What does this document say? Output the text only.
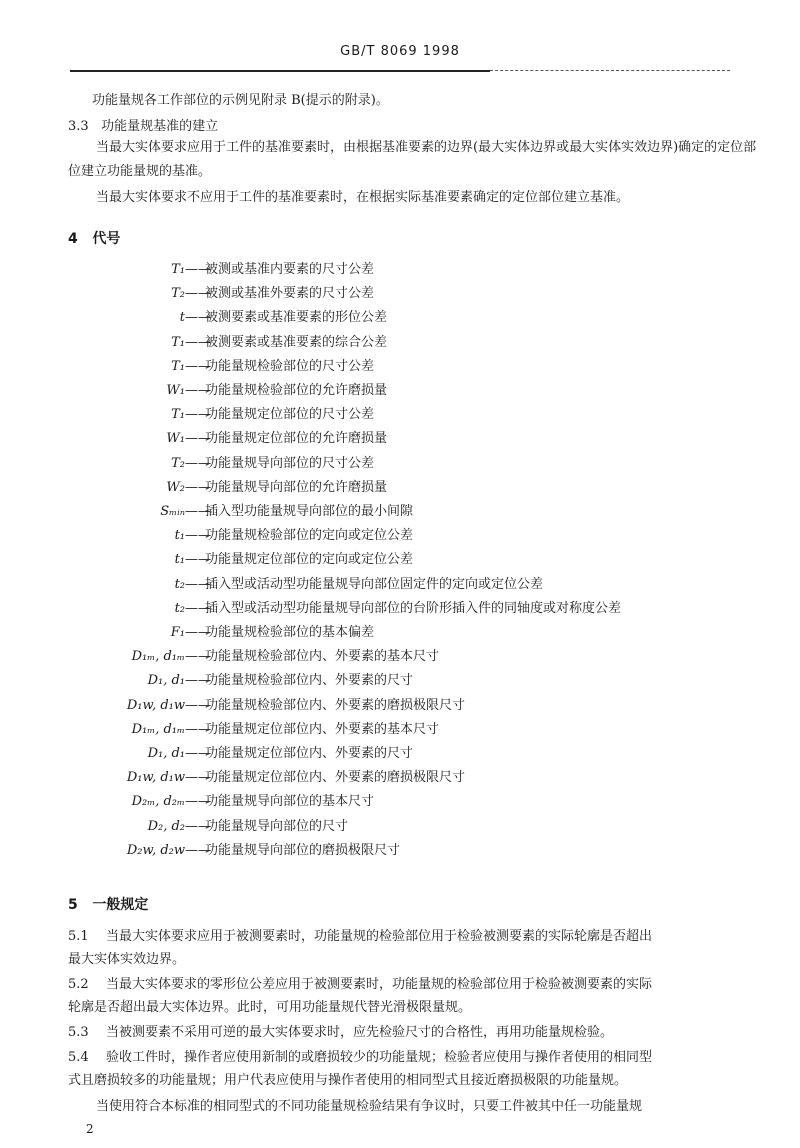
GB/T 8069 1998
功能量规各工作部位的示例见附录 B(提示的附录)。
3.3 功能量规基准的建立
当最大实体要求应用于工件的基准要素时，由根据基准要素的边界(最大实体边界或最大实体实效边界)确定的定位部位建立功能量规的基准。
当最大实体要求不应用于工件的基准要素时，在根据实际基准要素确定的定位部位建立基准。
4 代号
T₁——被测或基准内要素的尺寸公差
T₂——被测或基准外要素的尺寸公差
t——被测要素或基准要素的形位公差
T₁——被测要素或基准要素的综合公差
T₁——功能量规检验部位的尺寸公差
W₁——功能量规检验部位的允许磨损量
T₁——功能量规定位部位的尺寸公差
W₁——功能量规定位部位的允许磨损量
T₂——功能量规导向部位的尺寸公差
W₂——功能量规导向部位的允许磨损量
Sₘᵢₙ——插入型功能量规导向部位的最小间隙
t₁——功能量规检验部位的定向或定位公差
t₁——功能量规定位部位的定向或定位公差
t₂——插入型或活动型功能量规导向部位固定件的定向或定位公差
t₂——插入型或活动型功能量规导向部位的台阶形插入件的同轴度或对称度公差
F₁——功能量规检验部位的基本偏差
D₁ₘ, d₁ₘ——功能量规检验部位内、外要素的基本尺寸
D₁, d₁——功能量规检验部位内、外要素的尺寸
D₁w, d₁w——功能量规检验部位内、外要素的磨损极限尺寸
D₁ₘ, d₁ₘ——功能量规定位部位内、外要素的基本尺寸
D₁, d₁——功能量规定位部位内、外要素的尺寸
D₁w, d₁w——功能量规定位部位内、外要素的磨损极限尺寸
D₂ₘ, d₂ₘ——功能量规导向部位的基本尺寸
D₂, d₂——功能量规导向部位的尺寸
D₂w, d₂w——功能量规导向部位的磨损极限尺寸
5 一般规定
5.1 当最大实体要求应用于被测要素时，功能量规的检验部位用于检验被测要素的实际轮廓是否超出
最大实体实效边界。
5.2 当最大实体要求的零形位公差应用于被测要素时，功能量规的检验部位用于检验被测要素的实际
轮廓是否超出最大实体边界。此时，可用功能量规代替光滑极限量规。
5.3 当被测要素不采用可逆的最大实体要求时，应先检验尺寸的合格性，再用功能量规检验。
5.4 验收工件时，操作者应使用新制的或磨损较少的功能量规；检验者应使用与操作者使用的相同型
式且磨损较多的功能量规；用户代表应使用与操作者使用的相同型式且接近磨损极限的功能量规。
当使用符合本标准的相同型式的不同功能量规检验结果有争议时，只要工件被其中任一功能量规
2
